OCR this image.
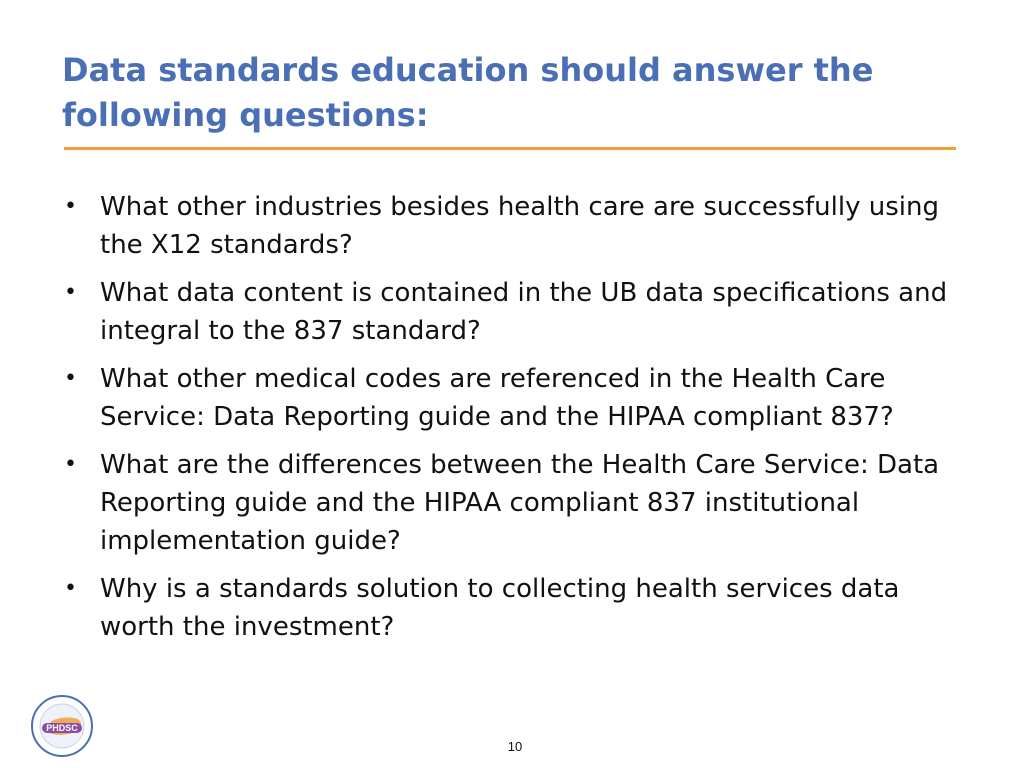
Data standards education should answer the following questions:
• What other industries besides health care are successfully using the X12 standards?
• What data content is contained in the UB data specifications and integral to the 837 standard?
• What other medical codes are referenced in the Health Care Service: Data Reporting guide and the HIPAA compliant 837?
• What are the differences between the Health Care Service: Data Reporting guide and the HIPAA compliant 837 institutional implementation guide?
• Why is a standards solution to collecting health services data worth the investment?
PHDSC
10
